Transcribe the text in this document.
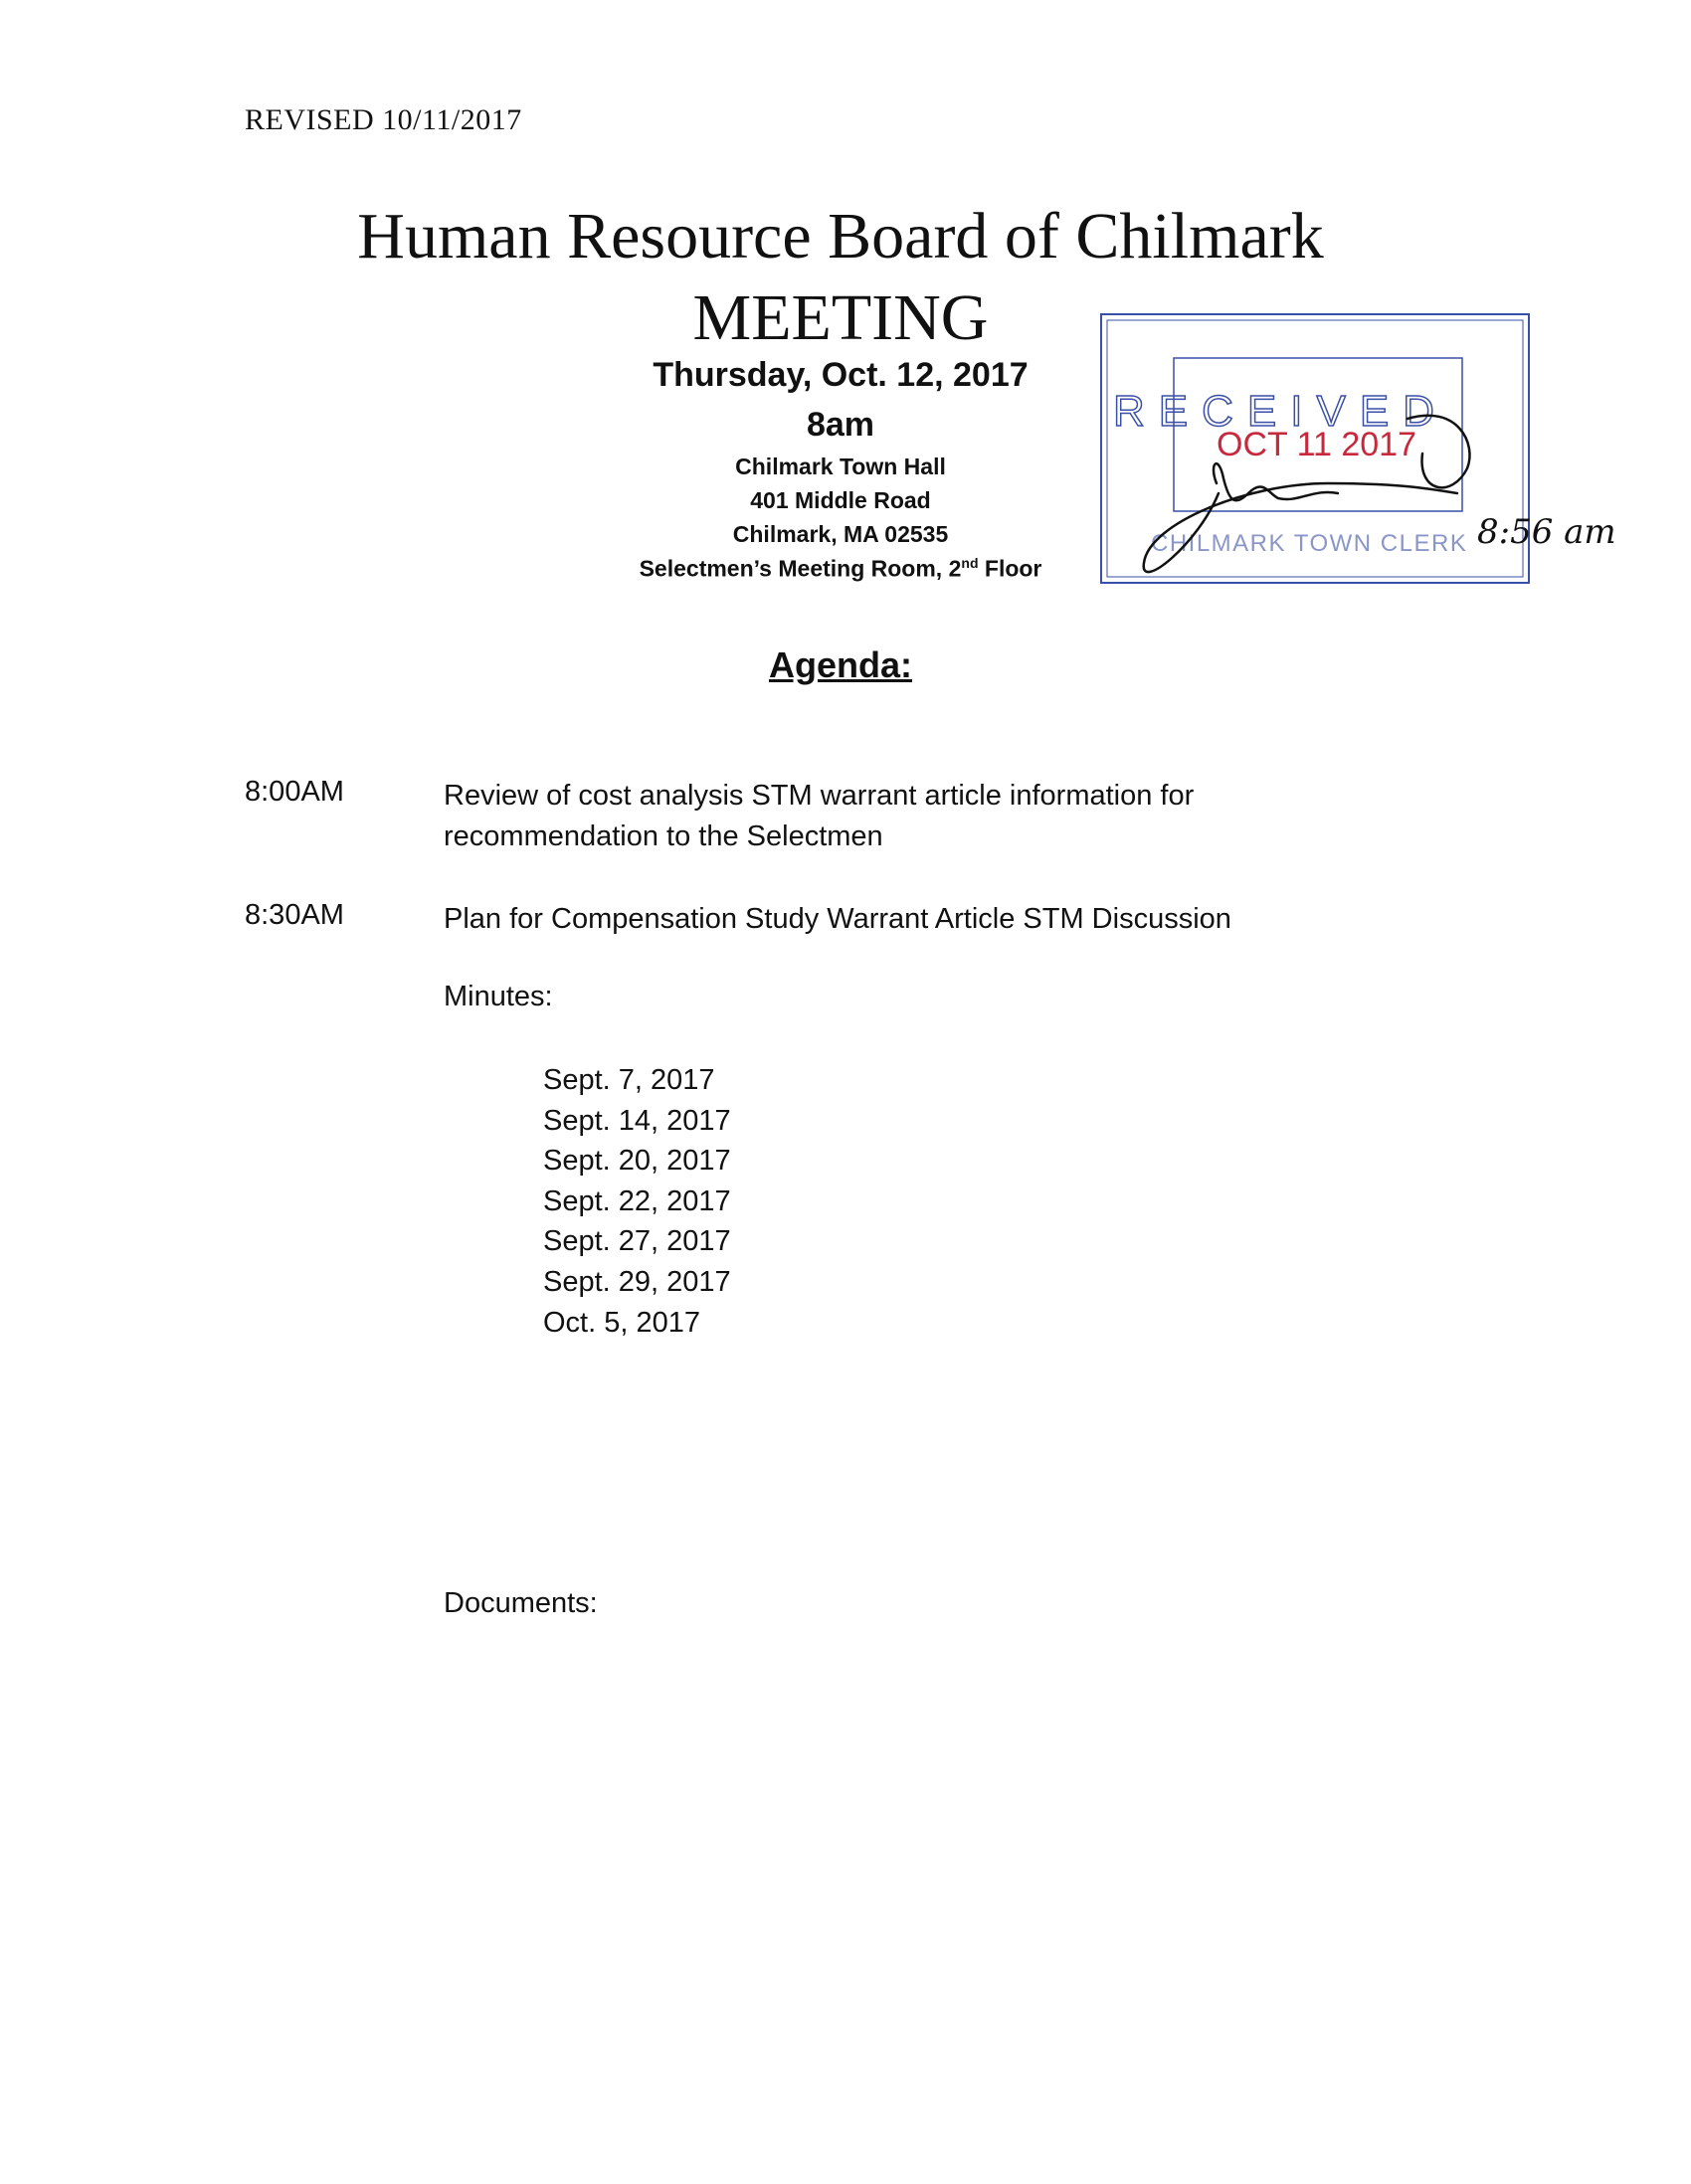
REVISED 10/11/2017
Human Resource Board of Chilmark
MEETING
Thursday, Oct. 12, 2017
8am
Chilmark Town Hall
401 Middle Road
Chilmark, MA 02535
Selectmen’s Meeting Room, 2nd Floor
RECEIVED
OCT 11 2017
CHILMARK TOWN CLERK 8:56 am
Agenda:
8:00AM	Review of cost analysis STM warrant article information for recommendation to the Selectmen
8:30AM	Plan for Compensation Study Warrant Article STM Discussion
Minutes:
Sept. 7, 2017
Sept. 14, 2017
Sept. 20, 2017
Sept. 22, 2017
Sept. 27, 2017
Sept. 29, 2017
Oct. 5, 2017
Documents:
